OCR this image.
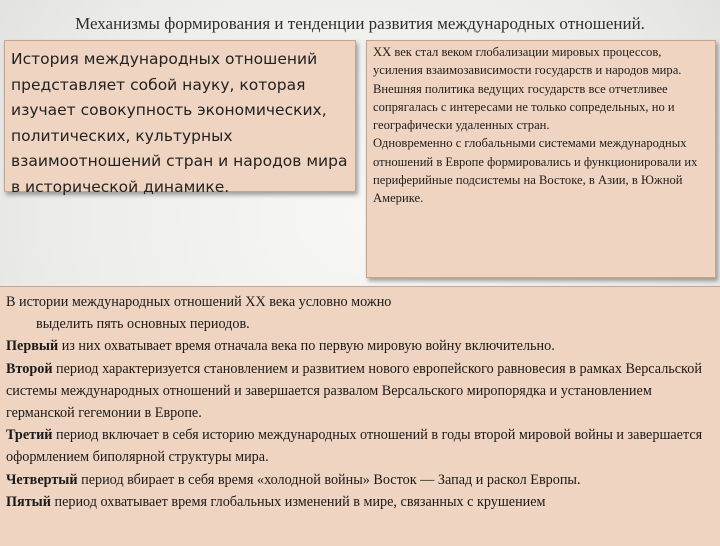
Механизмы формирования и тенденции развития международных отношений.

История международных отношений представляет собой науку, которая изучает совокупность экономических, политических, культурных взаимоотношений стран и народов мира в исторической динамике.

XX век стал веком глобализации мировых процессов, усиления взаимозависимости государств и народов мира.

Внешняя политика ведущих государств все отчетливее сопрягалась с интересами не только сопредельных, но и географически удаленных стран.

Одновременно с глобальными системами международных отношений в Европе формировались и функционировали их периферийные подсистемы на Востоке, в Азии, в Южной Америке.

В истории международных отношений XX века условно можно

выделить пять основных периодов.

Первый из них охватывает время отначала века по первую мировую войну включительно.

Второй период характеризуется становлением и развитием нового европейского равновесия в рамках Версальской системы международных отношений и завершается развалом Версальского миропорядка и установлением германской гегемонии в Европе.

Третий период включает в себя историю международных отношений в годы второй мировой войны и завершается оформлением биполярной структуры мира.

Четвертый период вбирает в себя время «холодной войны» Восток — Запад и раскол Европы.

Пятый период охватывает время глобальных изменений в мире, связанных с крушением
